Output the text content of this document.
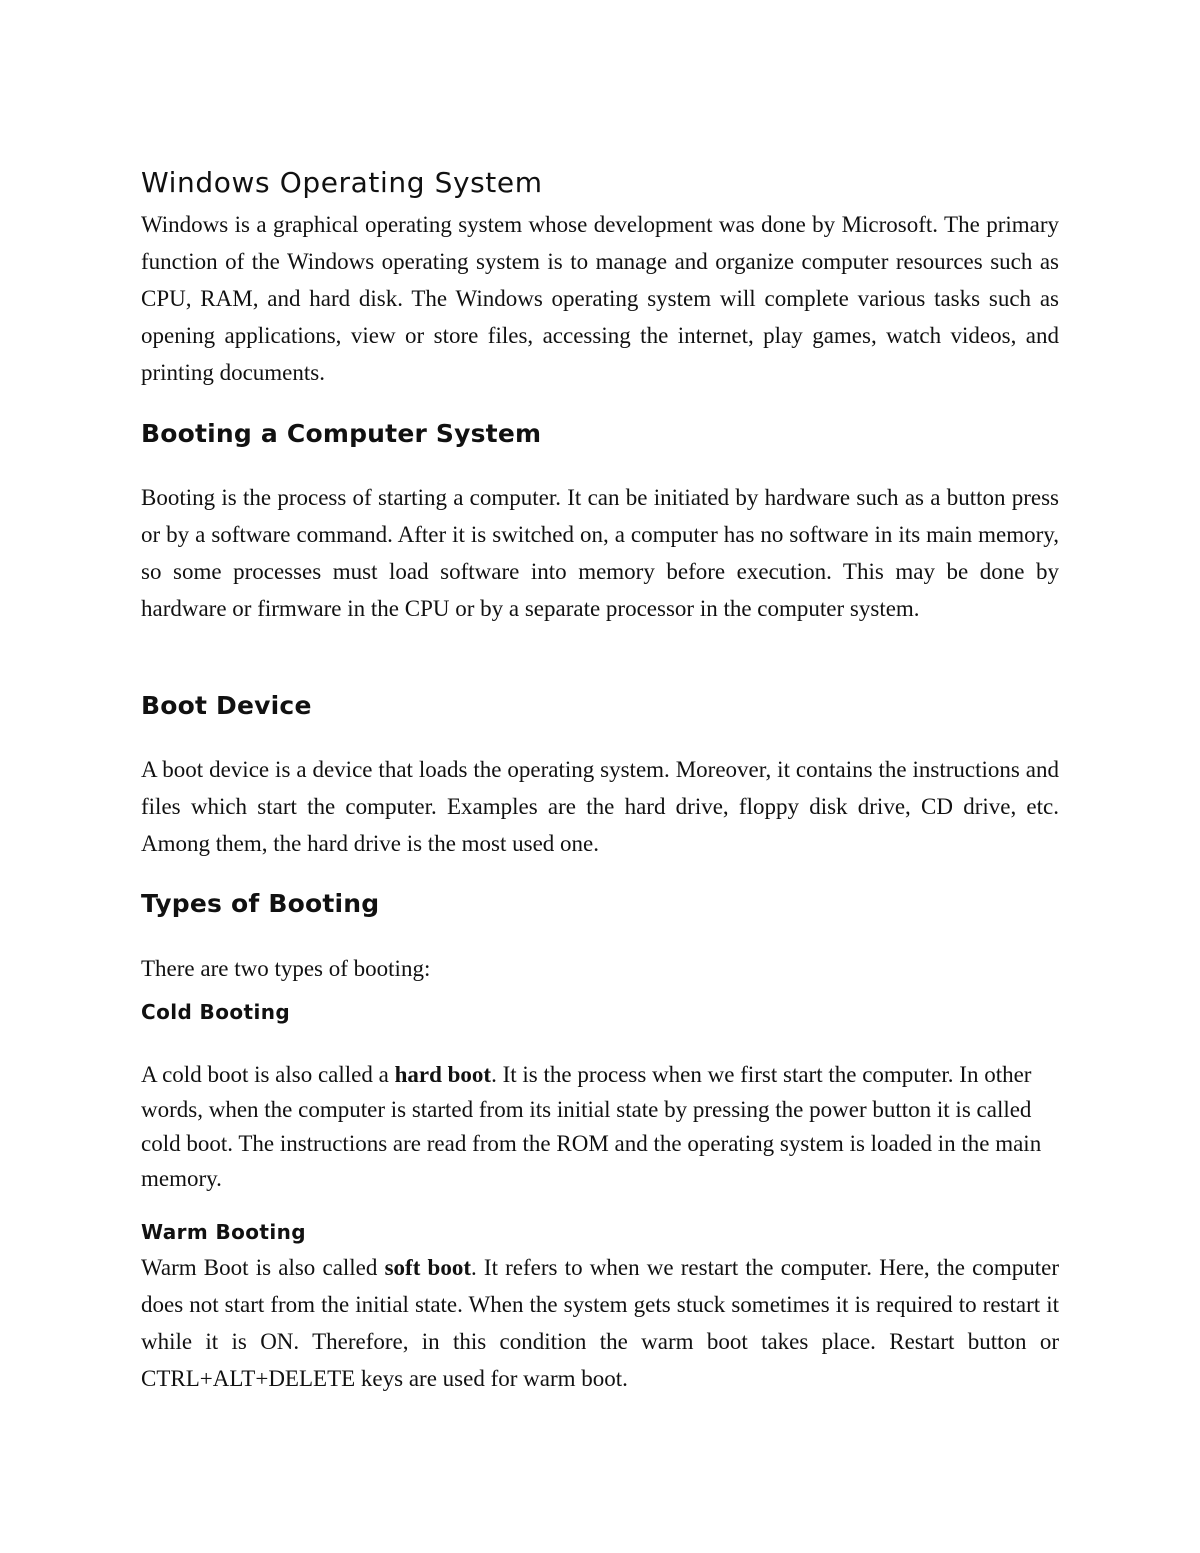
Windows Operating System

Windows is a graphical operating system whose development was done by Microsoft. The primary function of the Windows operating system is to manage and organize computer resources such as CPU, RAM, and hard disk. The Windows operating system will complete various tasks such as opening applications, view or store files, accessing the internet, play games, watch videos, and printing documents.

Booting a Computer System

Booting is the process of starting a computer. It can be initiated by hardware such as a button press or by a software command. After it is switched on, a computer has no software in its main memory, so some processes must load software into memory before execution. This may be done by hardware or firmware in the CPU or by a separate processor in the computer system.

Boot Device

A boot device is a device that loads the operating system. Moreover, it contains the instructions and files which start the computer. Examples are the hard drive, floppy disk drive, CD drive, etc. Among them, the hard drive is the most used one.

Types of Booting

There are two types of booting:

Cold Booting

A cold boot is also called a hard boot. It is the process when we first start the computer. In other words, when the computer is started from its initial state by pressing the power button it is called cold boot. The instructions are read from the ROM and the operating system is loaded in the main memory.

Warm Booting

Warm Boot is also called soft boot. It refers to when we restart the computer. Here, the computer does not start from the initial state. When the system gets stuck sometimes it is required to restart it while it is ON. Therefore, in this condition the warm boot takes place. Restart button or CTRL+ALT+DELETE keys are used for warm boot.
